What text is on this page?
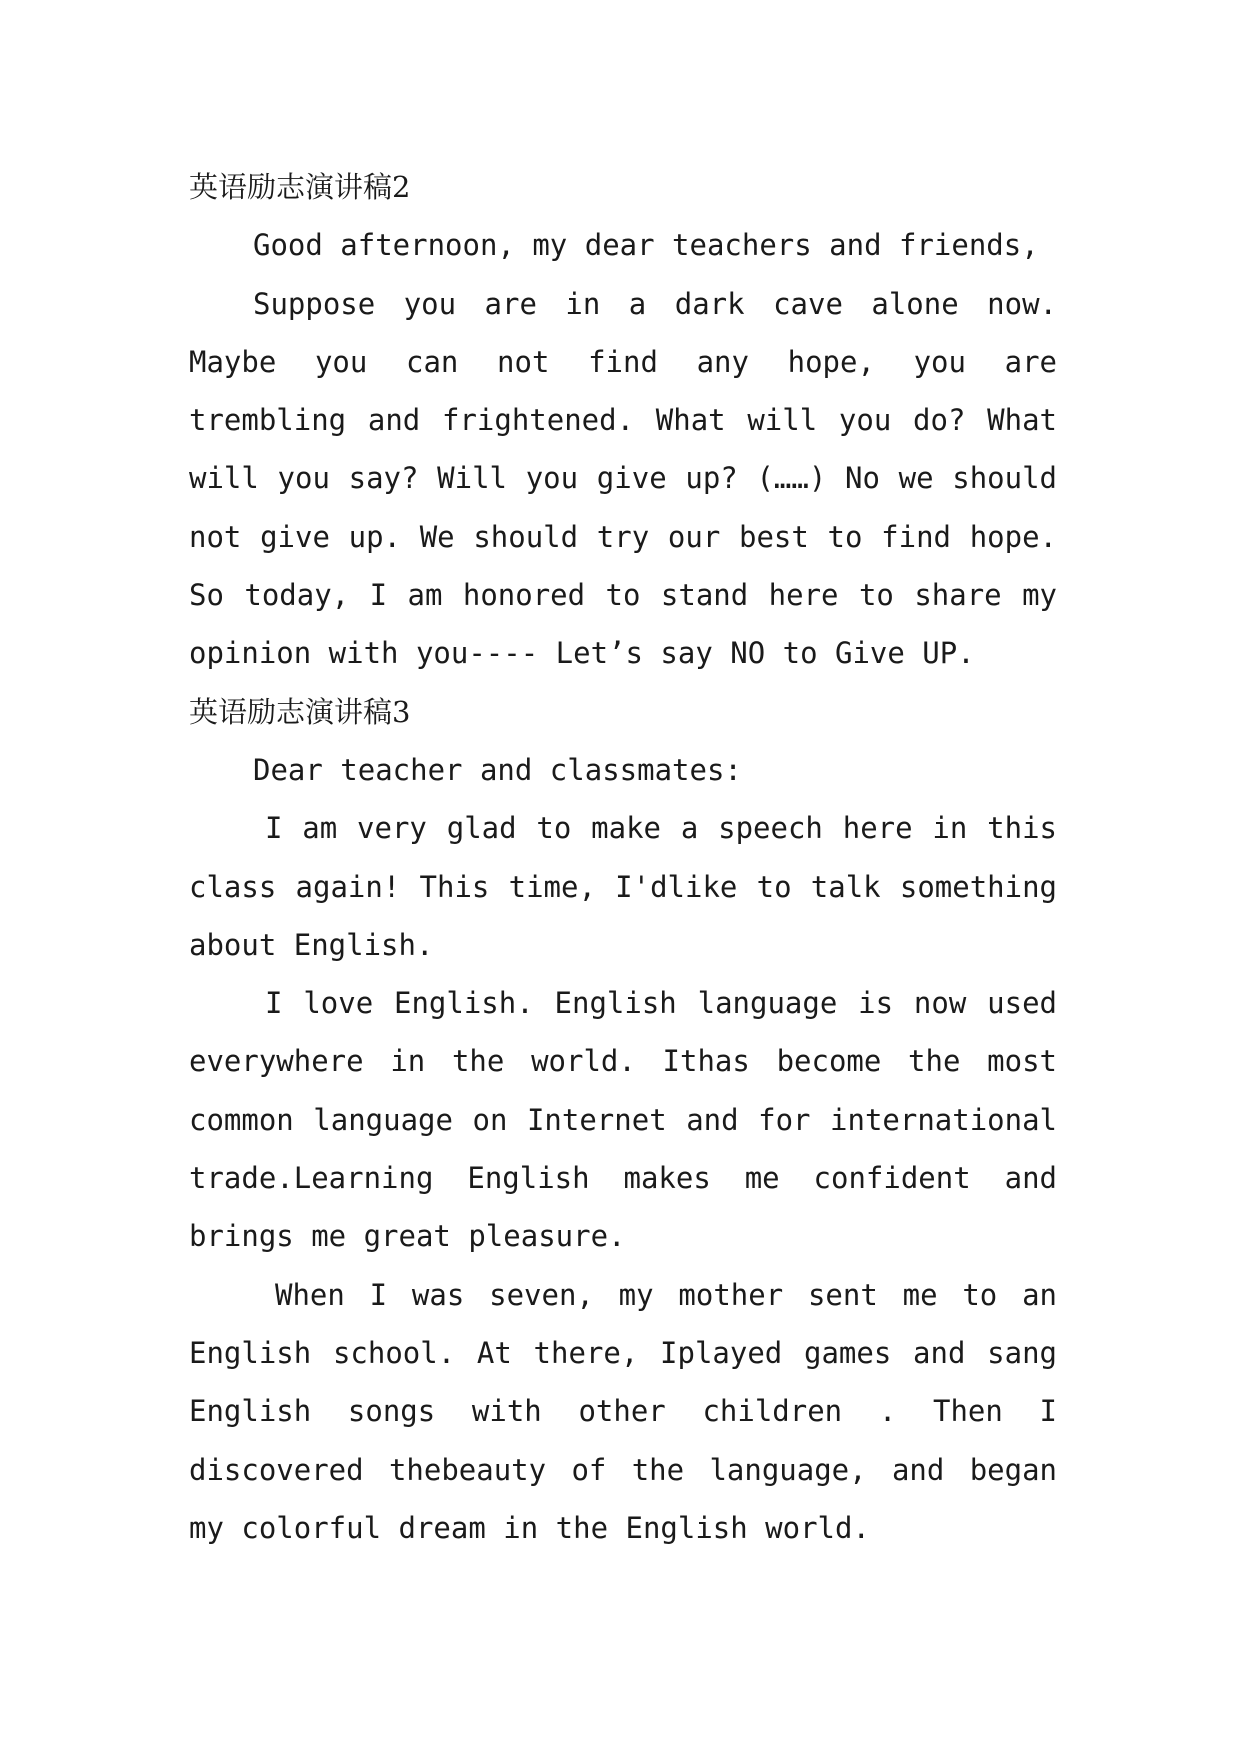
英语励志演讲稿2

Good afternoon, my dear teachers and friends,

Suppose you are in a dark cave alone now. Maybe you can not find any hope, you are trembling and frightened. What will you do? What will you say? Will you give up? (……) No we should not give up. We should try our best to find hope. So today, I am honored to stand here to share my opinion with you---- Let’s say NO to Give UP.

英语励志演讲稿3

Dear teacher and classmates:

I am very glad to make a speech here in this class again! This time, I'dlike to talk something about English.

I love English. English language is now used everywhere in the world. Ithas become the most common language on Internet and for international trade.Learning English makes me confident and brings me great pleasure.

When I was seven, my mother sent me to an English school. At there, Iplayed games and sang English songs with other children . Then I discovered thebeauty of the language, and began my colorful dream in the English world.
